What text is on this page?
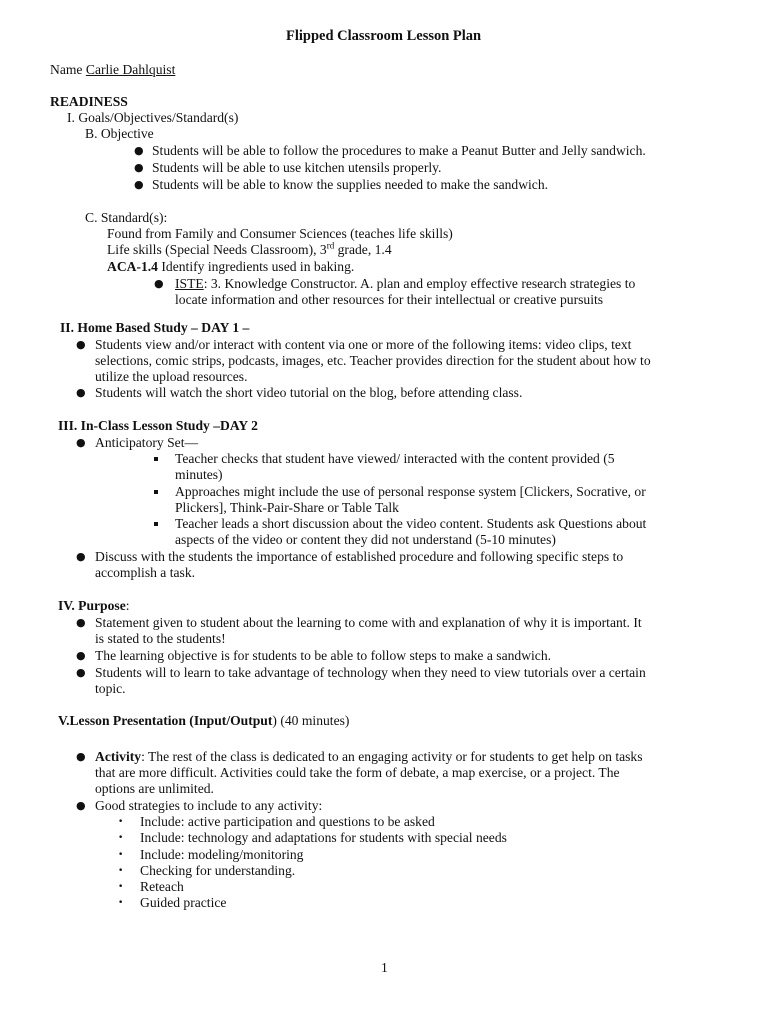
Flipped Classroom Lesson Plan
Name Carlie Dahlquist
READINESS
I. Goals/Objectives/Standard(s)
B. Objective
● Students will be able to follow the procedures to make a Peanut Butter and Jelly sandwich.
● Students will be able to use kitchen utensils properly.
● Students will be able to know the supplies needed to make the sandwich.
C. Standard(s):
Found from Family and Consumer Sciences (teaches life skills)
Life skills (Special Needs Classroom), 3rd grade, 1.4
ACA-1.4 Identify ingredients used in baking.
● ISTE: 3. Knowledge Constructor. A. plan and employ effective research strategies to
locate information and other resources for their intellectual or creative pursuits
II. Home Based Study – DAY 1 –
● Students view and/or interact with content via one or more of the following items: video clips, text
selections, comic strips, podcasts, images, etc. Teacher provides direction for the student about how to
utilize the upload resources.
● Students will watch the short video tutorial on the blog, before attending class.
III. In-Class Lesson Study –DAY 2
● Anticipatory Set—
Teacher checks that student have viewed/ interacted with the content provided (5
minutes)
Approaches might include the use of personal response system [Clickers, Socrative, or
Plickers], Think-Pair-Share or Table Talk
Teacher leads a short discussion about the video content. Students ask Questions about
aspects of the video or content they did not understand (5-10 minutes)
● Discuss with the students the importance of established procedure and following specific steps to
accomplish a task.
IV. Purpose:
● Statement given to student about the learning to come with and explanation of why it is important. It
is stated to the students!
● The learning objective is for students to be able to follow steps to make a sandwich.
● Students will to learn to take advantage of technology when they need to view tutorials over a certain
topic.
V.Lesson Presentation (Input/Output) (40 minutes)
● Activity: The rest of the class is dedicated to an engaging activity or for students to get help on tasks
that are more difficult. Activities could take the form of debate, a map exercise, or a project. The
options are unlimited.
● Good strategies to include to any activity:
• Include: active participation and questions to be asked
• Include: technology and adaptations for students with special needs
• Include: modeling/monitoring
• Checking for understanding.
• Reteach
• Guided practice
1
